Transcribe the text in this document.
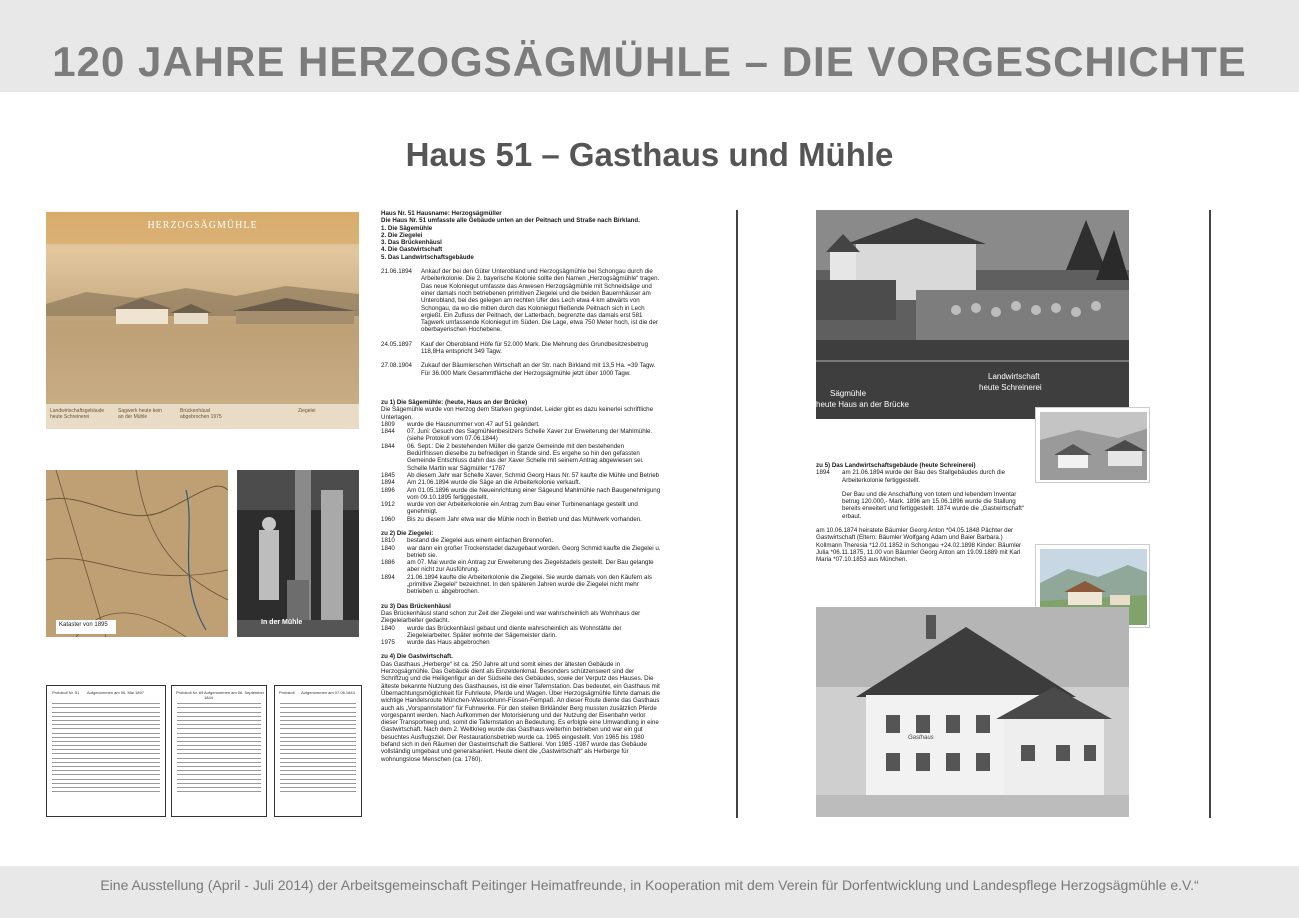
120 JAHRE HERZOGSÄGMÜHLE – DIE VORGESCHICHTE
Haus 51 – Gasthaus und Mühle
HERZOGSÄGMÜHLE
Landwirtschaftsgebäude heute Schreinerei
Sagwerk heute kein an der Mühle
Brückenhäusl abgebrochen 1975
Ziegelei
Kataster von 1895	In der Mühle
Protokoll Nr. 51 Aufgenommen am 06. Mai 1897	Protokoll Nr. 69 Aufgenommen am 06. September 1844
Protokoll Aufgenommen am 07.06.1844
Haus Nr. 51 Hausname: Herzogsägmüller
Die Haus Nr. 51 umfasste alle Gebäude unten an der Peitnach und Straße nach Birkland.
1. Die Sägemühle
2. Die Ziegelei
3. Das Brückenhäusl
4. Die Gastwirtschaft
5. Das Landwirtschaftsgebäude
21.06.1894	Ankauf der bei den Güter Unterobland und Herzogsägmühle bei Schongau durch die Arbeiterkolonie. Die 2. bayerische Kolonie sollte den Namen „Herzogsägmühle“ tragen. Das neue Koloniegut umfasste das Anwesen Herzogsägmühle mit Schneidsäge und einer damals noch betriebenen primitiven Ziegelei und die beiden Bauernhäuser am Unterobland, bei des gelegen am rechten Ufer des Lech etwa 4 km abwärts von Schongau, da wo die mitten durch das Koloniegut fließende Peitnach sich in Lech ergießt. Ein Zufluss der Peitnach, der Latterbach, begrenzte das damals erst 581 Tagwerk umfassende Koloniegut im Süden. Die Lage, etwa 750 Meter hoch, ist die der oberbayerischen Hochebene.
24.05.1897	Kauf der Oberobland Höfe für 52.000 Mark. Die Mehrung des Grundbesitzesbetrug 118,8Ha entspricht 349 Tagw.
27.08.1904	Zukauf der Bäumlerschen Wirtschaft an der Str. nach Birkland mit 13,5 Ha. =39 Tagw. Für 36.000 Mark Gesammtfläche der Herzogsägmühle jetzt über 1000 Tagw.
zu 1) Die Sägemühle: (heute, Haus an der Brücke)
Die Sägemühle wurde von Herzog dem Starken gegründet. Leider gibt es dazu keinerlei schriftliche Unterlagen.
1809	wurde die Hausnummer von 47 auf 51 geändert.
1844	07. Juni: Gesuch des Sagmühlenbesitzers Schelle Xaver zur Erweiterung der Mahlmühle. (siehe Protokoll vom 07.06.1844)
1844	06. Sept.: Die 2 bestehenden Müller die ganze Gemeinde mit den bestehenden Bedürfnissen dieselbe zu befriedigen in Stande sind. Es ergehe so hin den gefassten Gemeinde Entschluss dahin das der Xaver Schelle mit seinem Antrag abgewiesen sei. Schelle Martin war Sägmüller *1787
1845	Ab diesem Jahr war Schelle Xaver, Schmid Georg Haus Nr. 57 kaufte die Mühle und Betrieb
1894	Am 21.06.1894 wurde die Säge an die Arbeiterkolonie verkauft.
1896	Am 01.05.1896 wurde die Neueinrichtung einer Sägeund Mahlmühle nach Baugenehmigung vom 09.10.1895 fertiggestellt.
1912	wurde von der Arbeiterkolonie ein Antrag zum Bau einer Turbinenanlage gestellt und genehmigt.
1960	Bis zu diesem Jahr etwa war die Mühle noch in Betrieb und das Mühlwerk vorhanden.
zu 2) Die Ziegelei:
1810	bestand die Ziegelei aus einem einfachen Brennofen.
1840	war dann ein großer Trockenstadel dazugebaut worden. Georg Schmid kaufte die Ziegelei u. betrieb sie.
1886	am 07. Mai wurde ein Antrag zur Erweiterung des Ziegelstadels gestellt. Der Bau gelangte aber nicht zur Ausführung.
1894	21.06.1894 kaufte die Arbeiterkolonie die Ziegelei. Sie wurde damals von den Käufern als „primitive Ziegelei“ bezeichnet. In den späteren Jahren wurde die Ziegelei nicht mehr betrieben u. abgebrochen.
zu 3) Das Brückenhäusl
Das Brückenhäusl stand schon zur Zeit der Ziegelei und war wahrscheinlich als Wohnhaus der Ziegeleiarbeiter gedacht.
1840	wurde das Brückenhäusl gebaut und diente wahrscheinlich als Wohnstätte der Ziegeleiarbeiter. Später wohnte der Sägemeister darin.
1975	wurde das Haus abgebrochen
zu 4) Die Gastwirtschaft.
Das Gasthaus „Herberge“ ist ca. 250 Jahre alt und somit eines der ältesten Gebäude in Herzogsägmühle. Das Gebäude dient als Einzeldenkmal. Besonders schützenswert sind der Schriftzug und die Heiligenfigur an der Südseite des Gebäudes, sowie der Verputz des Hauses. Die älteste bekannte Nutzung des Gasthauses, ist die einer Tafernstation. Das bedeutet, ein Gasthaus mit Übernachtungsmöglichkeit für Fuhrleute, Pferde und Wagen. Über Herzogsägmühle führte damals die wichtige Handelsroute München-Wessobrunn-Füssen-Fernpaß. An dieser Route diente das Gasthaus auch als „Vorspannstation“ für Fuhrwerke. Für den steilen Birkländer Berg mussten zusätzlich Pferde vorgespannt werden. Nach Aufkommen der Motorisierung und der Nutzung der Eisenbahn verlor dieser Transportweg und, somit die Tafernstation an Bedeutung. Es erfolgte eine Umwandlung in eine Gastwirtschaft. Nach dem 2. Weltkrieg wurde das Gasthaus weiterhin betrieben und war ein gut besuchtes Ausflugsziel. Der Restaurationsbetrieb wurde ca. 1965 eingestellt. Von 1965 bis 1980 befand sich in den Räumen der Gastwirtschaft die Sattlerei. Von 1985 -1987 wurde das Gebäude vollständig umgebaut und generalsaniert. Heute dient die „Gastwirtschaft“ als Herberge für wohnungslose Menschen (ca. 1760).
Sägmühle
heute Haus an der Brücke
Landwirtschaft
heute Schreinerei
zu 5) Das Landwirtschaftsgebäude (heute Schreinerei)
1894	am 21.06.1894 wurde der Bau des Stallgebäudes durch die Arbeiterkolonie fertiggestellt.
Der Bau und die Anschaffung von totem und lebendem Inventar betrug 120.000,- Mark. 1896 am 15.06.1896 wurde die Stallung bereits erweitert und fertiggestellt. 1874 wurde die „Gastwirtschaft“ erbaut.
am 10.06.1874 heiratete Bäumler Georg Anton *04.05.1848 Pächter der Gastwirtschaft (Eltern: Bäumler Wolfgang Adam und Baier Barbara.) Kollmann Theresia *12.01.1852 in Schongau +24.02.1898 Kinder: Bäumler Julia *06.11.1875, 11.00 von Bäumler Georg Anton am 19.09.1889 mit Karl Maria *07.10.1853 aus München.
Gasthaus
Eine Ausstellung (April - Juli 2014) der Arbeitsgemeinschaft Peitinger Heimatfreunde, in Kooperation mit dem Verein für Dorfentwicklung und Landespflege Herzogsägmühle e.V.“
